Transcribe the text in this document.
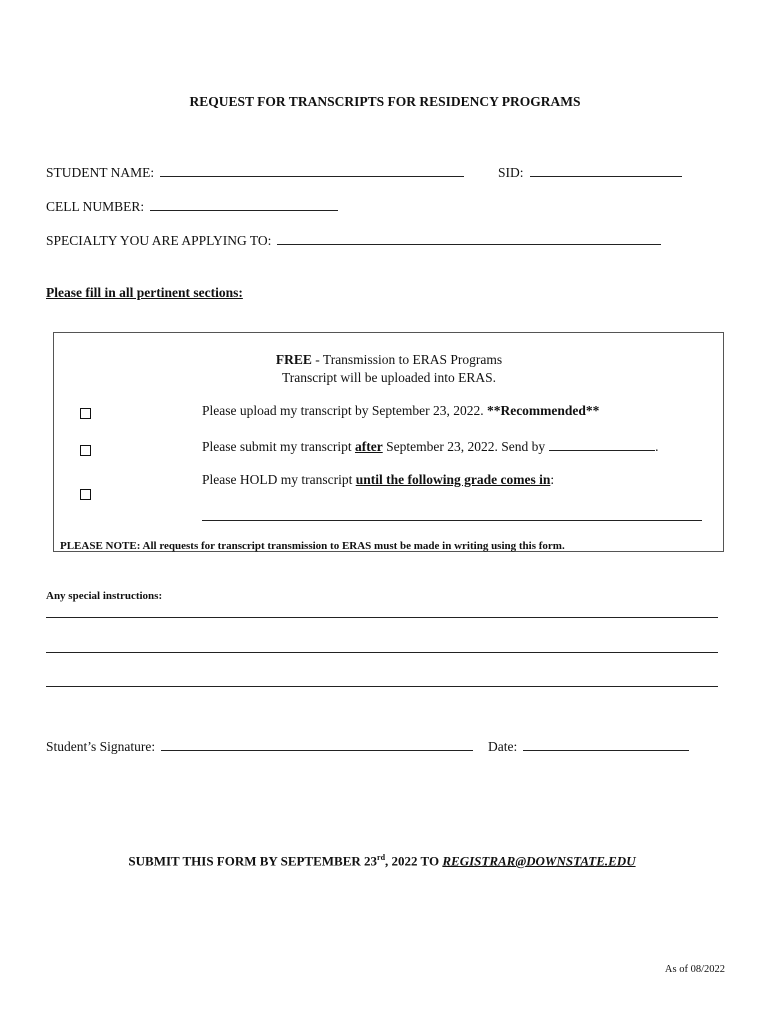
REQUEST FOR TRANSCRIPTS FOR RESIDENCY PROGRAMS
STUDENT NAME:	SID:
CELL NUMBER:
SPECIALTY YOU ARE APPLYING TO:
Please fill in all pertinent sections:
FREE - Transmission to ERAS Programs
Transcript will be uploaded into ERAS.
Please upload my transcript by September 23, 2022. **Recommended**
Please submit my transcript after September 23, 2022. Send by	.
Please HOLD my transcript until the following grade comes in:
PLEASE NOTE: All requests for transcript transmission to ERAS must be made in writing using this form.
Any special instructions:
Student’s Signature:	Date:
SUBMIT THIS FORM BY SEPTEMBER 23rd, 2022 TO REGISTRAR@DOWNSTATE.EDU
As of 08/2022
